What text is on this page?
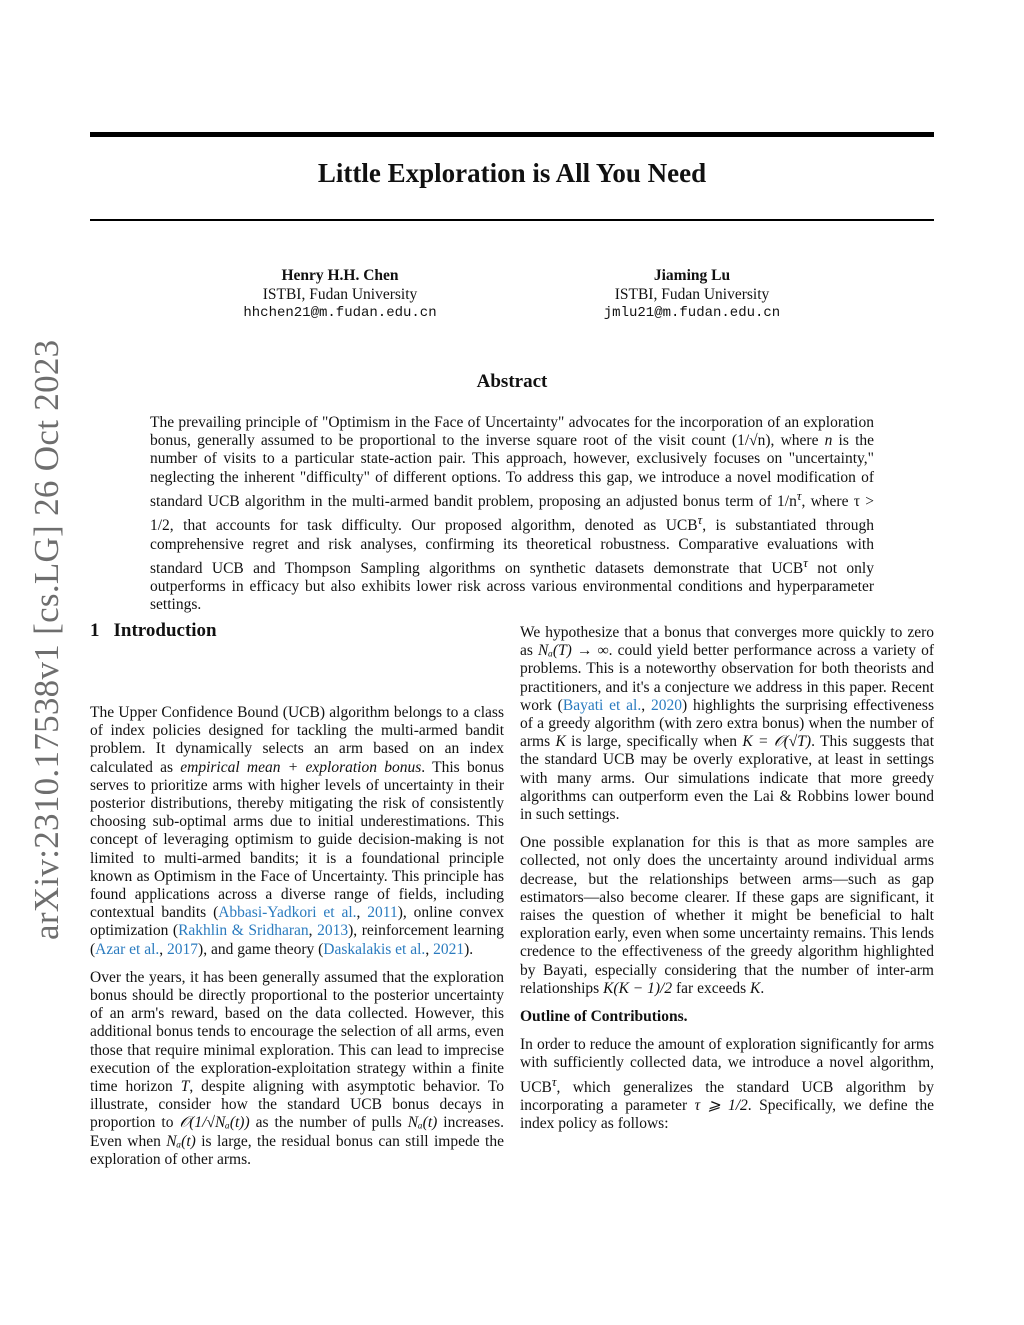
Little Exploration is All You Need
Henry H.H. Chen
ISTBI, Fudan University
hhchen21@m.fudan.edu.cn
Jiaming Lu
ISTBI, Fudan University
jmlu21@m.fudan.edu.cn
arXiv:2310.17538v1 [cs.LG] 26 Oct 2023	Abstract

The prevailing principle of "Optimism in the Face of Uncertainty" advocates for the incorporation of an exploration bonus, generally assumed to be proportional to the inverse square root of the visit count (1/√n), where n is the number of visits to a particular state-action pair. This approach, however, exclusively focuses on "uncertainty," neglecting the inherent "difficulty" of different options. To address this gap, we introduce a novel modification of standard UCB algorithm in the multi-armed bandit problem, proposing an adjusted bonus term of $1/n^\tau$, where τ > 1/2, that accounts for task difficulty. Our proposed algorithm, denoted as $UCB^\tau$, is substantiated through comprehensive regret and risk analyses, confirming its theoretical robustness. Comparative evaluations with standard UCB and Thompson Sampling algorithms on synthetic datasets demonstrate that $UCB^\tau$ not only outperforms in efficacy but also exhibits lower risk across various environmental conditions and hyperparameter settings.

1 Introduction

The Upper Confidence Bound (UCB) algorithm belongs to a class of index policies designed for tackling the multi-armed bandit problem. It dynamically selects an arm based on an index calculated as empirical mean + exploration bonus. This bonus serves to prioritize arms with higher levels of uncertainty in their posterior distributions, thereby mitigating the risk of consistently choosing sub-optimal arms due to initial underestimations. This concept of leveraging optimism to guide decision-making is not limited to multi-armed bandits; it is a foundational principle known as Optimism in the Face of Uncertainty. This principle has found applications across a diverse range of fields, including contextual bandits (Abbasi-Yadkori et al., 2011), online convex optimization (Rakhlin & Sridharan, 2013), reinforcement learning (Azar et al., 2017), and game theory (Daskalakis et al., 2021).

Over the years, it has been generally assumed that the exploration bonus should be directly proportional to the posterior uncertainty of an arm's reward, based on the data collected. However, this additional bonus tends to encourage the selection of all arms, even those that require minimal exploration. This can lead to imprecise execution of the exploration-exploitation strategy within a finite time horizon T, despite aligning with asymptotic behavior. To illustrate, consider how the standard UCB bonus decays in proportion to 𝒪(1/√Nₐ(t)) as the number of pulls Nₐ(t) increases. Even when Nₐ(t) is large, the residual bonus can still impede the exploration of other arms.

We hypothesize that a bonus that converges more quickly to zero as Nₐ(T) → ∞. could yield better performance across a variety of problems. This is a noteworthy observation for both theorists and practitioners, and it's a conjecture we address in this paper. Recent work (Bayati et al., 2020) highlights the surprising effectiveness of a greedy algorithm (with zero extra bonus) when the number of arms K is large, specifically when K = 𝒪(√T). This suggests that the standard UCB may be overly explorative, at least in settings with many arms. Our simulations indicate that more greedy algorithms can outperform even the Lai & Robbins lower bound in such settings.

One possible explanation for this is that as more samples are collected, not only does the uncertainty around individual arms decrease, but the relationships between arms—such as gap estimators—also become clearer. If these gaps are significant, it raises the question of whether it might be beneficial to halt exploration early, even when some uncertainty remains. This lends credence to the effectiveness of the greedy algorithm highlighted by Bayati, especially considering that the number of inter-arm relationships K(K − 1)/2 far exceeds K.

Outline of Contributions.

In order to reduce the amount of exploration significantly for arms with sufficiently collected data, we introduce a novel algorithm, $UCB^\tau$, which generalizes the standard UCB algorithm by incorporating a parameter τ ⩾ 1/2. Specifically, we define the index policy as follows:
